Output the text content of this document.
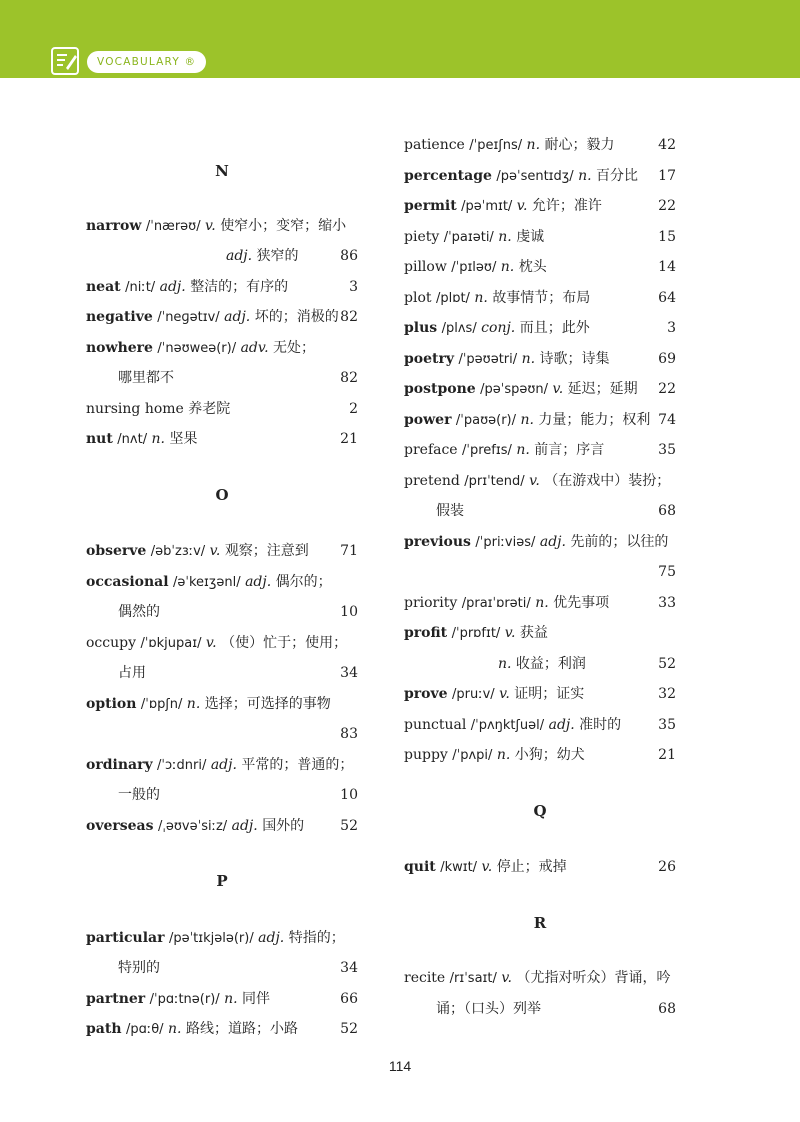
VOCABULARY ®
N
narrow /ˈnærəʊ/ v. 使窄小；变窄；缩小
adj. 狭窄的	86
neat /niːt/ adj. 整洁的；有序的	3
negative /ˈneɡətɪv/ adj. 坏的；消极的 82
nowhere /ˈnəʊweə(r)/ adv. 无处；
哪里都不	82
nursing home 养老院	2
nut /nʌt/ n. 坚果	21
O
observe /əbˈzɜːv/ v. 观察；注意到 71
occasional /əˈkeɪʒənl/ adj. 偶尔的；
偶然的	10
occupy /ˈɒkjupaɪ/ v. （使）忙于；使用；
占用	34
option /ˈɒpʃn/ n. 选择；可选择的事物
83
ordinary /ˈɔːdnri/ adj. 平常的；普通的；
一般的	10
overseas /ˌəʊvəˈsiːz/ adj. 国外的	52
P
particular /pəˈtɪkjələ(r)/ adj. 特指的；
特别的	34
partner /ˈpɑːtnə(r)/ n. 同伴	66
path /pɑːθ/ n. 路线；道路；小路	52
patience /ˈpeɪʃns/ n. 耐心；毅力	42
percentage /pəˈsentɪdʒ/ n. 百分比 17
permit /pəˈmɪt/ v. 允许；准许	22
piety /ˈpaɪəti/ n. 虔诚	15
pillow /ˈpɪləʊ/ n. 枕头	14
plot /plɒt/ n. 故事情节；布局	64
plus /plʌs/ conj. 而且；此外	3
poetry /ˈpəʊətri/ n. 诗歌；诗集	69
postpone /pəˈspəʊn/ v. 延迟；延期 22
power /ˈpaʊə(r)/ n. 力量；能力；权利 74
preface /ˈprefɪs/ n. 前言；序言	35
pretend /prɪˈtend/ v. （在游戏中）装扮；
假装	68
previous /ˈpriːviəs/ adj. 先前的；以往的
75
priority /praɪˈɒrəti/ n. 优先事项	33
profit /ˈprɒfɪt/ v. 获益
n. 收益；利润	52
prove /pruːv/ v. 证明；证实	32
punctual /ˈpʌŋktʃuəl/ adj. 准时的	35
puppy /ˈpʌpi/ n. 小狗；幼犬	21
Q
quit /kwɪt/ v. 停止；戒掉	26
R
recite /rɪˈsaɪt/ v. （尤指对听众）背诵，吟
诵；（口头）列举	68
114
